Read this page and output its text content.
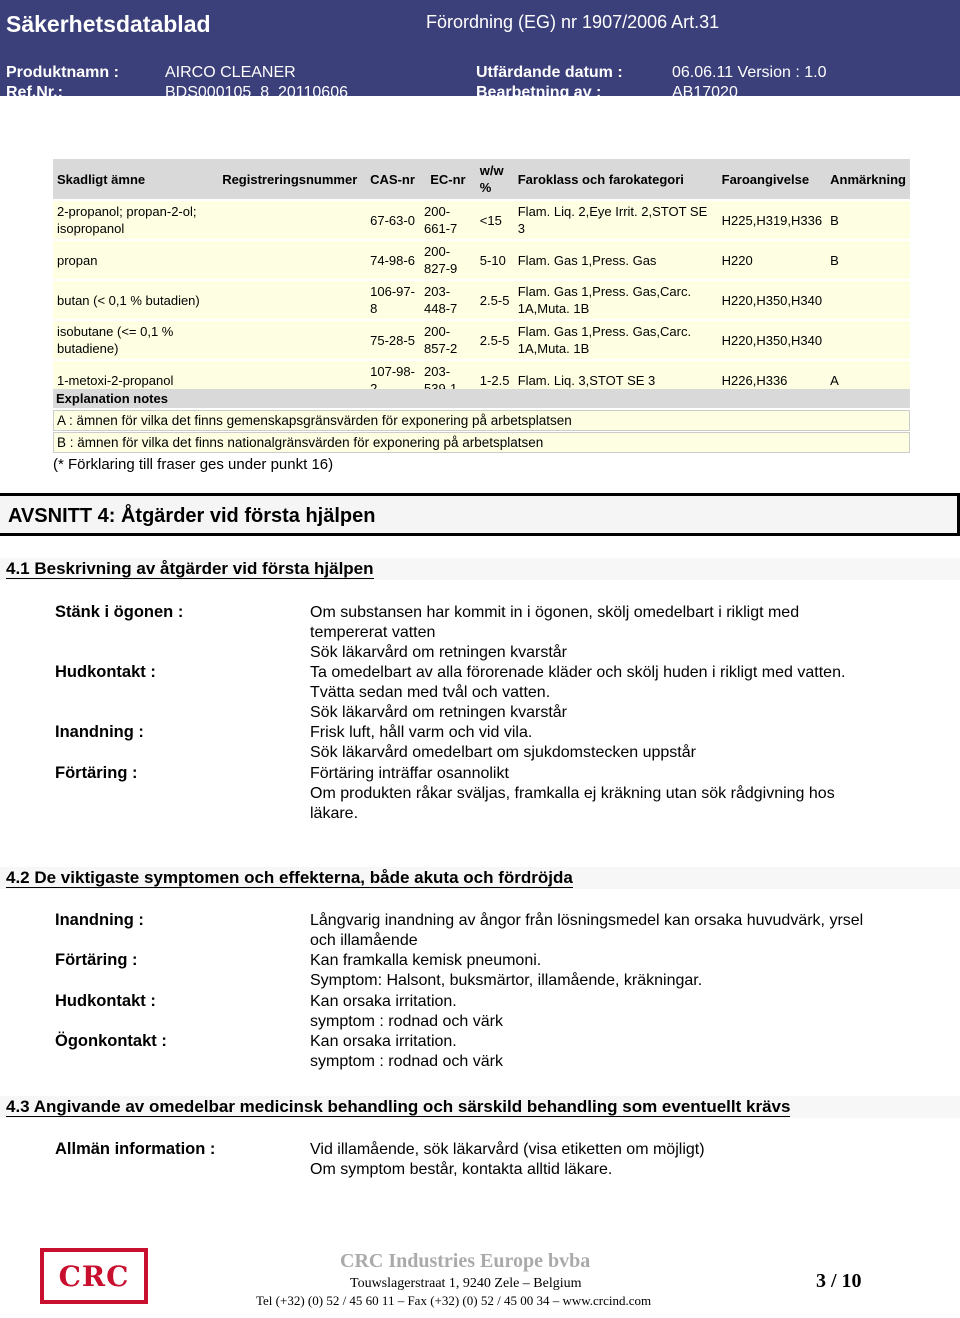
Säkerhetsdatablad	Förordning (EG) nr 1907/2006 Art.31
Produktnamn :	AIRCO CLEANER	Utfärdande datum :	06.06.11 Version : 1.0
Ref.Nr.:	BDS000105_8_20110606	Bearbetning av :	AB17020
Skadligt ämne	Registreringsnummer	CAS-nr	EC-nr	w/w %	Faroklass och farokategori	Faroangivelse	Anmärkning
2-propanol; propan-2-ol; isopropanol		67-63-0	200-661-7	<15	Flam. Liq. 2,Eye Irrit. 2,STOT SE 3	H225,H319,H336	B
propan		74-98-6	200-827-9	5-10	Flam. Gas 1,Press. Gas	H220	B
butan (< 0,1 % butadien)		106-97-8	203-448-7	2.5-5	Flam. Gas 1,Press. Gas,Carc. 1A,Muta. 1B	H220,H350,H340	
isobutane (<= 0,1 % butadiene)		75-28-5	200-857-2	2.5-5	Flam. Gas 1,Press. Gas,Carc. 1A,Muta. 1B	H220,H350,H340	
1-metoxi-2-propanol		107-98-	203-	1-2.5	Flam. Liq. 3,STOT SE 3	H226,H336	A
Explanation notes
A : ämnen för vilka det finns gemenskapsgränsvärden för exponering på arbetsplatsen
B : ämnen för vilka det finns nationalgränsvärden för exponering på arbetsplatsen
(* Förklaring till fraser ges under punkt 16)
AVSNITT 4: Åtgärder vid första hjälpen
4.1 Beskrivning av åtgärder vid första hjälpen
Stänk i ögonen :	Om substansen har kommit in i ögonen, skölj omedelbart i rikligt med
tempererat vatten
Sök läkarvård om retningen kvarstår
Hudkontakt :	Ta omedelbart av alla förorenade kläder och skölj huden i rikligt med vatten.
Tvätta sedan med tvål och vatten.
Sök läkarvård om retningen kvarstår
Inandning :	Frisk luft, håll varm och vid vila.
Sök läkarvård omedelbart om sjukdomstecken uppstår
Förtäring :	Förtäring inträffar osannolikt
Om produkten råkar sväljas, framkalla ej kräkning utan sök rådgivning hos
läkare.
4.2 De viktigaste symptomen och effekterna, både akuta och fördröjda
Inandning :	Långvarig inandning av ångor från lösningsmedel kan orsaka huvudvärk, yrsel
och illamående
Förtäring :	Kan framkalla kemisk pneumoni.
Symptom: Halsont, buksmärtor, illamående, kräkningar.
Hudkontakt :	Kan orsaka irritation.
symptom : rodnad och värk
Ögonkontakt :	Kan orsaka irritation.
symptom : rodnad och värk
4.3 Angivande av omedelbar medicinsk behandling och särskild behandling som eventuellt krävs
Allmän information :	Vid illamående, sök läkarvård (visa etiketten om möjligt)
Om symptom består, kontakta alltid läkare.
CRC	CRC Industries Europe bvba
Touwslagerstraat 1, 9240 Zele – Belgium
Tel (+32) (0) 52 / 45 60 11 – Fax (+32) (0) 52 / 45 00 34 – www.crcind.com
3 / 10
